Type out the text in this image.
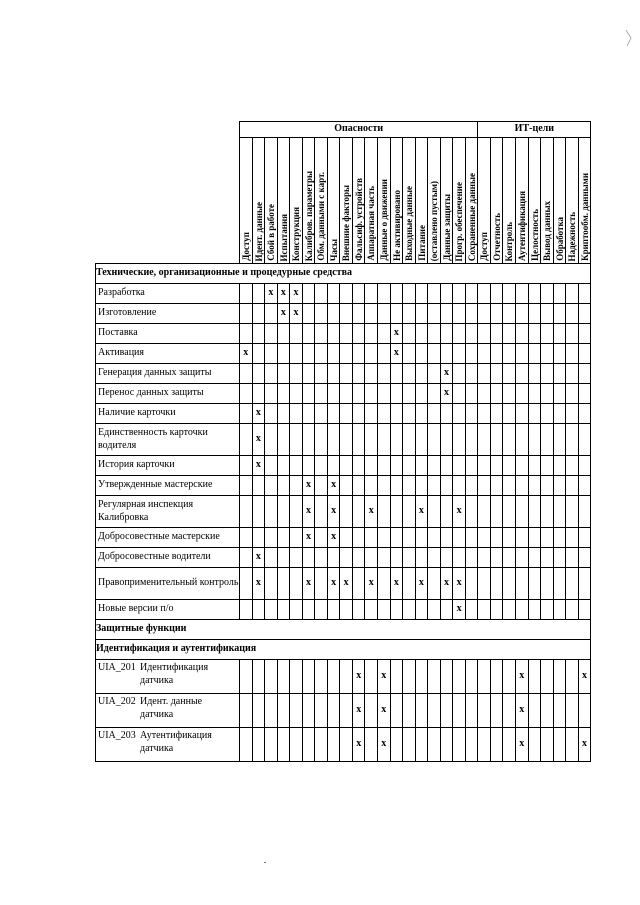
	Опасности																			ИТ-цели								

	Доступ	Идент. данные	Сбой в работе	Испытания	Конструкция	Калибров. параметры	Обм. данными с карт.	Часы	Внешние факторы	Фальсиф. устройств	Аппаратная часть	Данные о движении	Не активировано	Выходные данные	Питание	(оставлено пустым)	Данные защиты	Прогр. обеспечение	Сохраненные данные	Доступ	Отчетность	Контроль	Аутентификация	Целостность	Вывод данных	Обработка	Надежность	Криптообм. данными

Технические, организационные и процедурные средства																												
Разработка			x	x	x																							
Изготовление				x	x																							
Поставка													x															
Активация	x												x															
Генерация данных защиты																	x											
Перенос данных защиты																	x											
Наличие карточки		x																										
Единственность карточки водителя		x																										
История карточки		x																										
Утвержденные мастерские						x		x																				
Регулярная инспекция Калибровка						x		x			x				x			x										
Добросовестные мастерские						x		x																				
Добросовестные водители		x																										
Правоприменительный контроль		x				x		x	x		x		x		x		x	x										
Новые версии п/о																		x										
Защитные функции																												
Идентификация и аутентификация																												
UIA_201 Идентификация датчика										x		x											x					x
UIA_202 Идент. данные датчика										x		x											x					
UIA_203 Аутентификация датчика										x		x											x					x
